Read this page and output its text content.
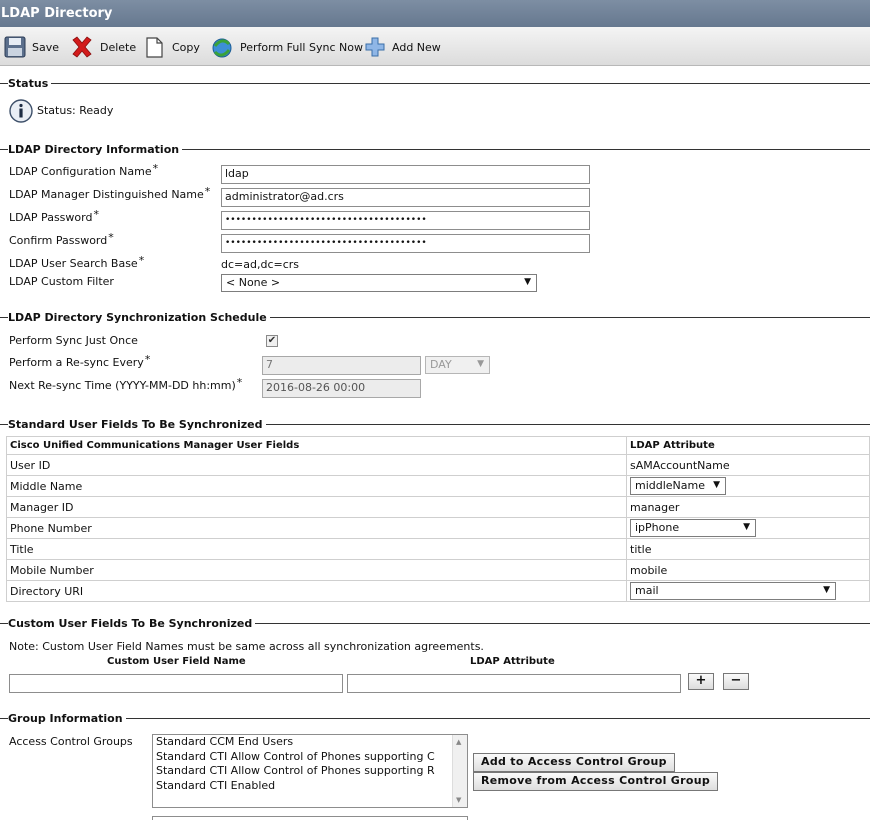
LDAP Directory
Save	Delete	Copy	Perform Full Sync Now	Add New
Status
Status: Ready
LDAP Directory Information
LDAP Configuration Name*	ldap
LDAP Manager Distinguished Name*	administrator@ad.crs
LDAP Password*	••••••••••••••••••••••••••••••••••••••
Confirm Password*	••••••••••••••••••••••••••••••••••••••
LDAP User Search Base*	dc=ad,dc=crs
LDAP Custom Filter	< None >	▼
LDAP Directory Synchronization Schedule
Perform Sync Just Once	✔
Perform a Re-sync Every*	7	DAY	▼
Next Re-sync Time (YYYY-MM-DD hh:mm)*	2016-08-26 00:00
Standard User Fields To Be Synchronized
Cisco Unified Communications Manager User Fields	LDAP Attribute
User ID	sAMAccountName
Middle Name	middleName ▼

Manager ID	manager
Phone Number	ipPhone ▼

Title	title
Mobile Number	mobile
Directory URI	mail ▼
Custom User Fields To Be Synchronized
Note: Custom User Field Names must be same across all synchronization agreements.
Custom User Field Name	LDAP Attribute
+	−
Group Information
Access Control Groups Standard CCM End Users
Standard CTI Allow Control of Phones supporting C
Standard CTI Allow Control of Phones supporting R
Standard CTI Enabled
▲
▼
Add to Access Control Group
Remove from Access Control Group
